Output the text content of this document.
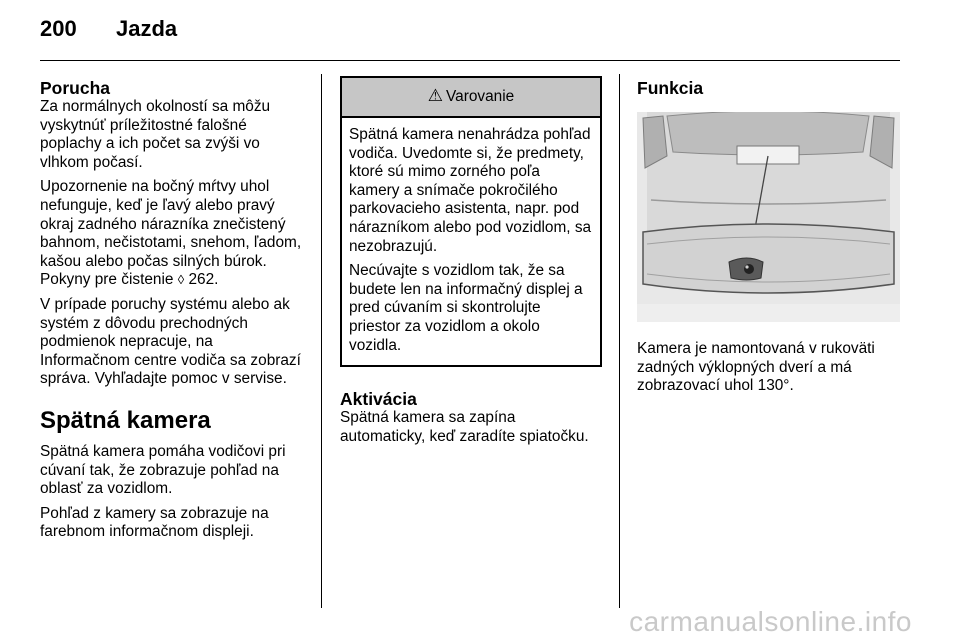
200	Jazda
Porucha

Za normálnych okolností sa môžu vyskytnúť príležitostné falošné poplachy a ich počet sa zvýši vo vlhkom počasí.

Upozornenie na bočný mŕtvy uhol nefunguje, keď je ľavý alebo pravý okraj zadného nárazníka znečistený bahnom, nečistotami, snehom, ľadom, kašou alebo počas silných búrok. Pokyny pre čistenie ◊ 262.

V prípade poruchy systému alebo ak systém z dôvodu prechodných podmienok nepracuje, na Informačnom centre vodiča sa zobrazí správa. Vyhľadajte pomoc v servise.

Spätná kamera

Spätná kamera pomáha vodičovi pri cúvaní tak, že zobrazuje pohľad na oblasť za vozidlom.

Pohľad z kamery sa zobrazuje na farebnom informačnom displeji.

⚠ Varovanie

Spätná kamera nenahrádza pohľad vodiča. Uvedomte si, že predmety, ktoré sú mimo zorného poľa kamery a snímače pokročilého parkovacieho asistenta, napr. pod nárazníkom alebo pod vozidlom, sa nezobrazujú.

Necúvajte s vozidlom tak, že sa budete len na informačný displej a pred cúvaním si skontrolujte priestor za vozidlom a okolo vozidla.

Aktivácia

Spätná kamera sa zapína automaticky, keď zaradíte spiatočku.

Funkcia

Kamera je namontovaná v rukoväti zadných výklopných dverí a má zobrazovací uhol 130°.

carmanualsonline.info
